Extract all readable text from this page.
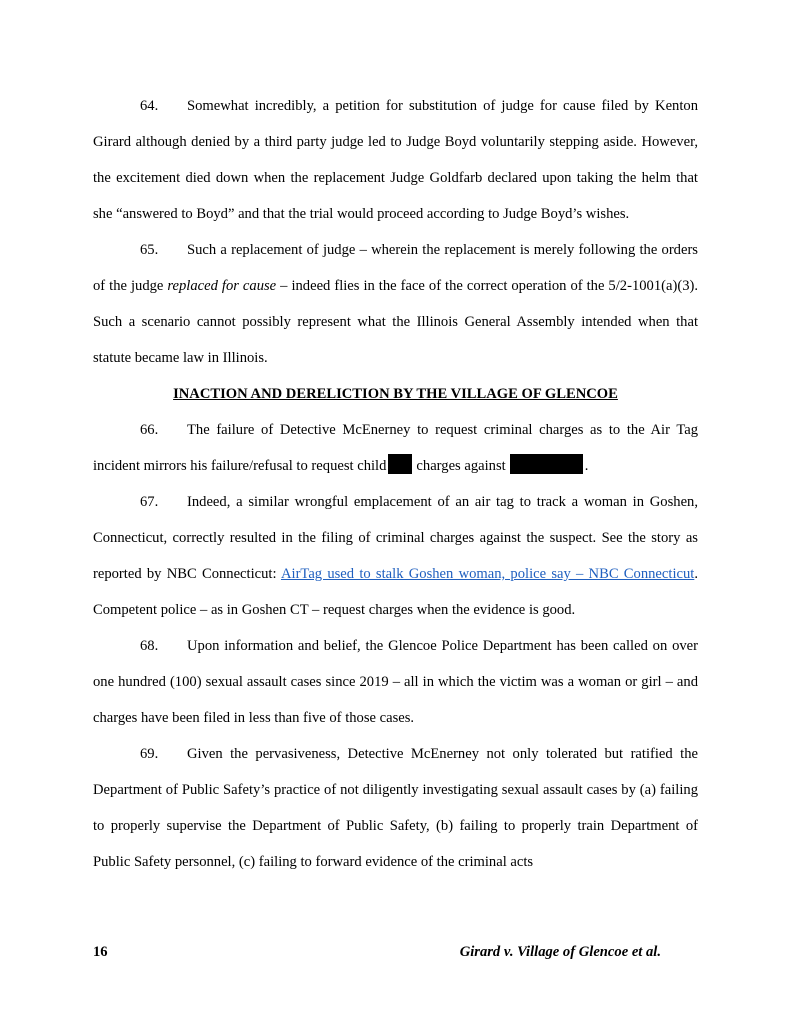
64. Somewhat incredibly, a petition for substitution of judge for cause filed by Kenton Girard although denied by a third party judge led to Judge Boyd voluntarily stepping aside. However, the excitement died down when the replacement Judge Goldfarb declared upon taking the helm that she “answered to Boyd” and that the trial would proceed according to Judge Boyd’s wishes.

65. Such a replacement of judge – wherein the replacement is merely following the orders of the judge replaced for cause – indeed flies in the face of the correct operation of the 5/2-1001(a)(3). Such a scenario cannot possibly represent what the Illinois General Assembly intended when that statute became law in Illinois.

INACTION AND DERELICTION BY THE VILLAGE OF GLENCOE

66. The failure of Detective McEnerney to request criminal charges as to the Air Tag incident mirrors his failure/refusal to request child charges against	.

67. Indeed, a similar wrongful emplacement of an air tag to track a woman in Goshen, Connecticut, correctly resulted in the filing of criminal charges against the suspect. See the story as reported by NBC Connecticut: AirTag used to stalk Goshen woman, police say – NBC Connecticut. Competent police – as in Goshen CT – request charges when the evidence is good.

68. Upon information and belief, the Glencoe Police Department has been called on over one hundred (100) sexual assault cases since 2019 – all in which the victim was a woman or girl – and charges have been filed in less than five of those cases.

69. Given the pervasiveness, Detective McEnerney not only tolerated but ratified the Department of Public Safety’s practice of not diligently investigating sexual assault cases by (a) failing to properly supervise the Department of Public Safety, (b) failing to properly train Department of Public Safety personnel, (c) failing to forward evidence of the criminal acts

16	Girard v. Village of Glencoe et al.
